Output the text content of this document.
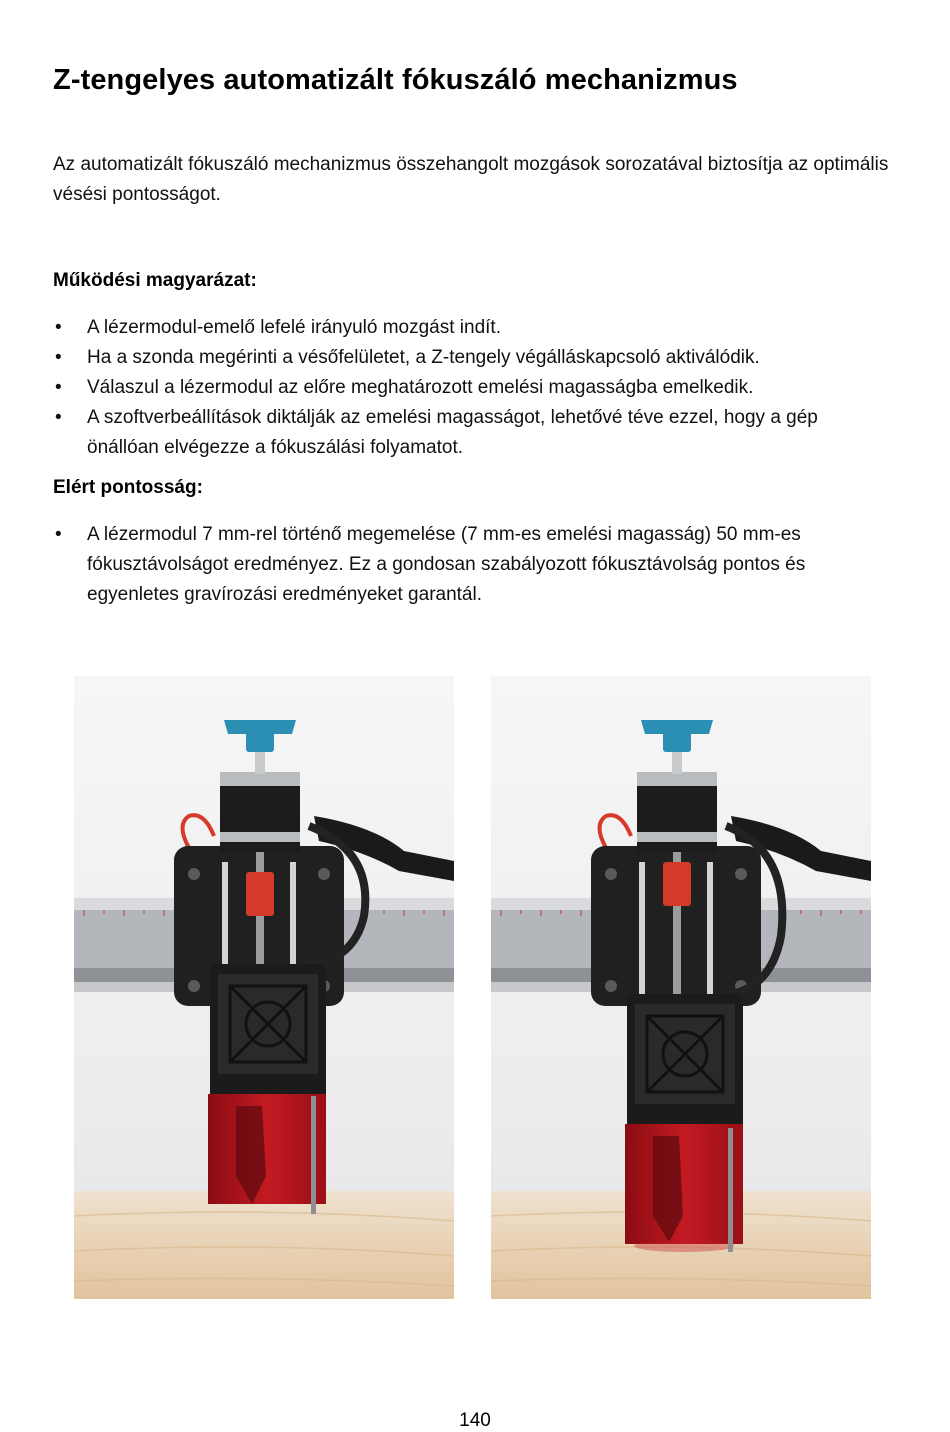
Z-tengelyes automatizált fókuszáló mechanizmus

Az automatizált fókuszáló mechanizmus összehangolt mozgások sorozatával biztosítja az optimális vésési pontosságot.

Működési magyarázat:
• A lézermodul-emelő lefelé irányuló mozgást indít.
• Ha a szonda megérinti a vésőfelületet, a Z-tengely végálláskapcsoló aktiválódik.
• Válaszul a lézermodul az előre meghatározott emelési magasságba emelkedik.
• A szoftverbeállítások diktálják az emelési magasságot, lehetővé téve ezzel, hogy a gép önállóan elvégezze a fókuszálási folyamatot.
Elért pontosság:
• A lézermodul 7 mm-rel történő megemelése (7 mm-es emelési magasság) 50 mm-es fókusztávolságot eredményez. Ez a gondosan szabályozott fókusztávolság pontos és egyenletes gravírozási eredményeket garantál.
140
